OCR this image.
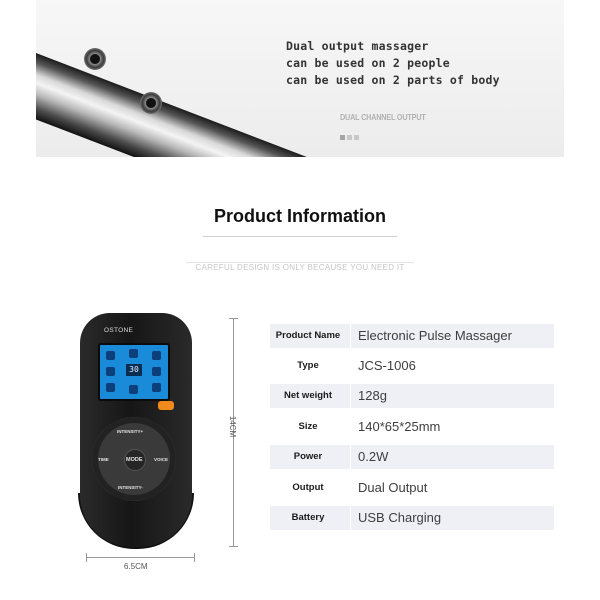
Dual output massager
can be used on 2 people
can be used on 2 parts of body
DUAL CHANNEL OUTPUT
Product Information
CAREFUL DESIGN IS ONLY BECAUSE YOU NEED IT
OSTONE
30
INTENSITY+
TIME	MODE	VOICE
INTENSITY-
14CM
6.5CM
Product Name	Electronic Pulse Massager
Type	JCS-1006
Net weight	128g
Size	140*65*25mm
Power	0.2W
Output	Dual Output
Battery	USB Charging
